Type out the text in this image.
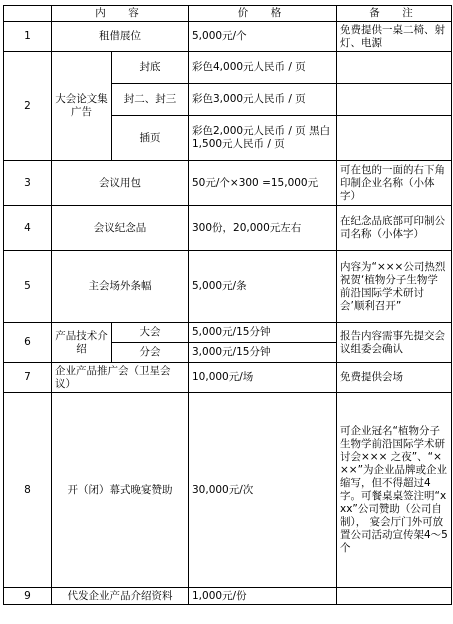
	内　容		价　格	备　注
1	租借展位		5,000元/个	免费提供一桌二椅、射灯、电源
2	大会论文集广告	封底	彩色4,000元人民币 / 页	
		封二、封三	彩色3,000元人民币 / 页	
		插页	彩色2,000元人民币 / 页 黑白1,500元人民币 / 页	
3	会议用包		50元/个×300 =15,000元	可在包的一面的右下角印制企业名称（小体字）
4	会议纪念品		300份，20,000元左右	在纪念品底部可印制公司名称（小体字）
5	主会场外条幅		5,000元/条	内容为“×××公司热烈祝贺‘植物分子生物学前沿国际学术研讨会’顺利召开”
6	产品技术介绍	大会	5,000元/15分钟	报告内容需事先提交会议组委会确认
		分会	3,000元/15分钟	
7	企业产品推广会（卫星会议）		10,000元/场	免费提供会场
8	开（闭）幕式晚宴赞助		30,000元/次	可企业冠名“植物分子生物学前沿国际学术研讨会××× 之夜”、“×××”为企业品牌或企业缩写，但不得超过4字。可餐桌桌签注明“xxx”公司赞助（公司自制）， 宴会厅门外可放置公司活动宣传架4～5个
9	代发企业产品介绍资料		1,000元/份	
